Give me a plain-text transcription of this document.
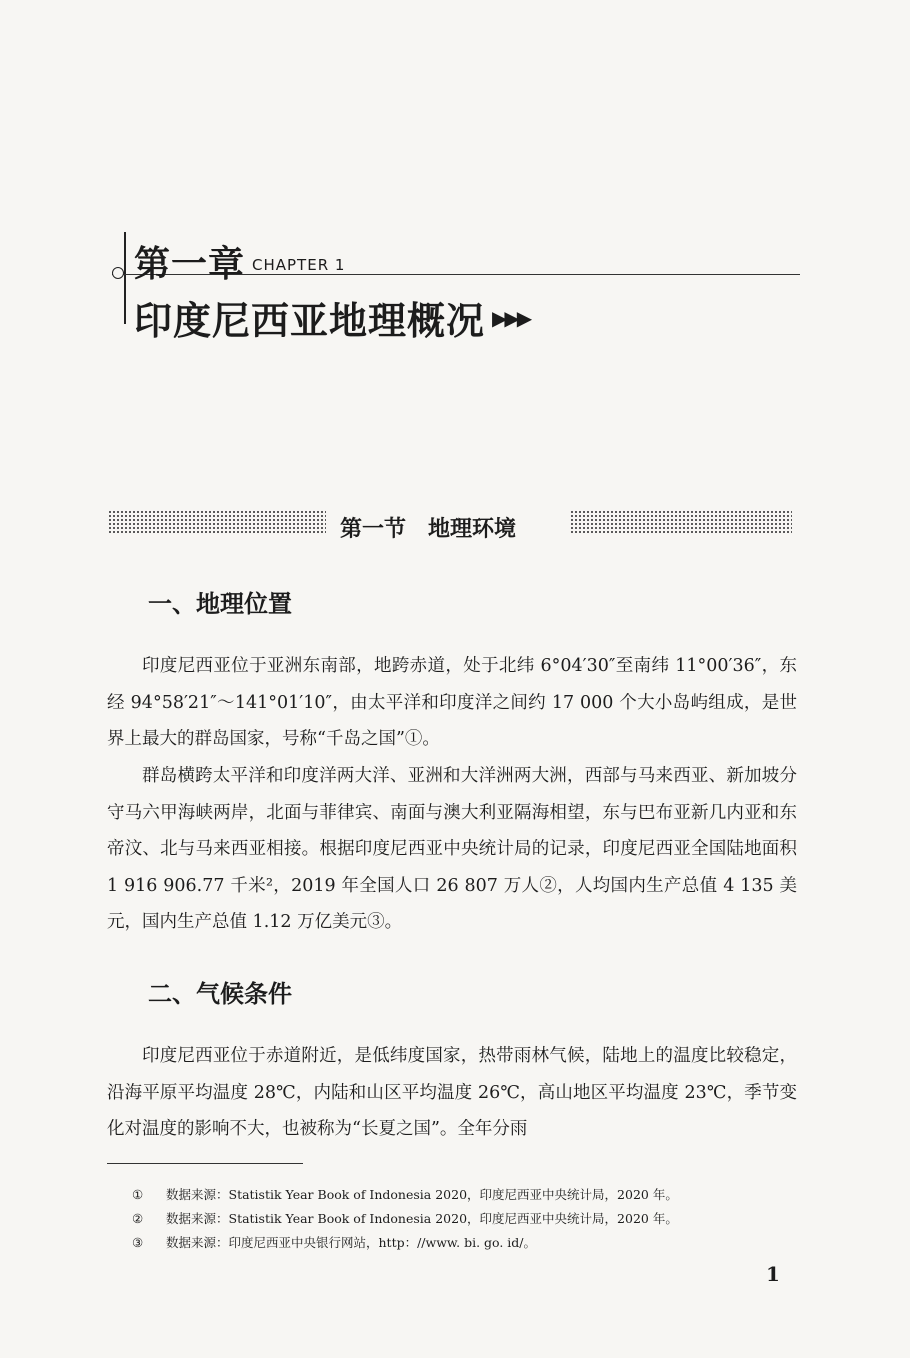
第一章 CHAPTER 1
印度尼西亚地理概况 ▶▶▶
第一节　地理环境
一、地理位置

印度尼西亚位于亚洲东南部，地跨赤道，处于北纬 6°04′30″至南纬 11°00′36″，东经 94°58′21″～141°01′10″，由太平洋和印度洋之间约 17 000 个大小岛屿组成，是世界上最大的群岛国家，号称“千岛之国”①。

群岛横跨太平洋和印度洋两大洋、亚洲和大洋洲两大洲，西部与马来西亚、新加坡分守马六甲海峡两岸，北面与菲律宾、南面与澳大利亚隔海相望，东与巴布亚新几内亚和东帝汶、北与马来西亚相接。根据印度尼西亚中央统计局的记录，印度尼西亚全国陆地面积 1 916 906.77 千米²，2019 年全国人口 26 807 万人②，人均国内生产总值 4 135 美元，国内生产总值 1.12 万亿美元③。

二、气候条件

印度尼西亚位于赤道附近，是低纬度国家，热带雨林气候，陆地上的温度比较稳定，沿海平原平均温度 28℃，内陆和山区平均温度 26℃，高山地区平均温度 23℃，季节变化对温度的影响不大，也被称为“长夏之国”。全年分雨

① 数据来源：Statistik Year Book of Indonesia 2020，印度尼西亚中央统计局，2020 年。
② 数据来源：Statistik Year Book of Indonesia 2020，印度尼西亚中央统计局，2020 年。
③ 数据来源：印度尼西亚中央银行网站，http：//www. bi. go. id/。
1
